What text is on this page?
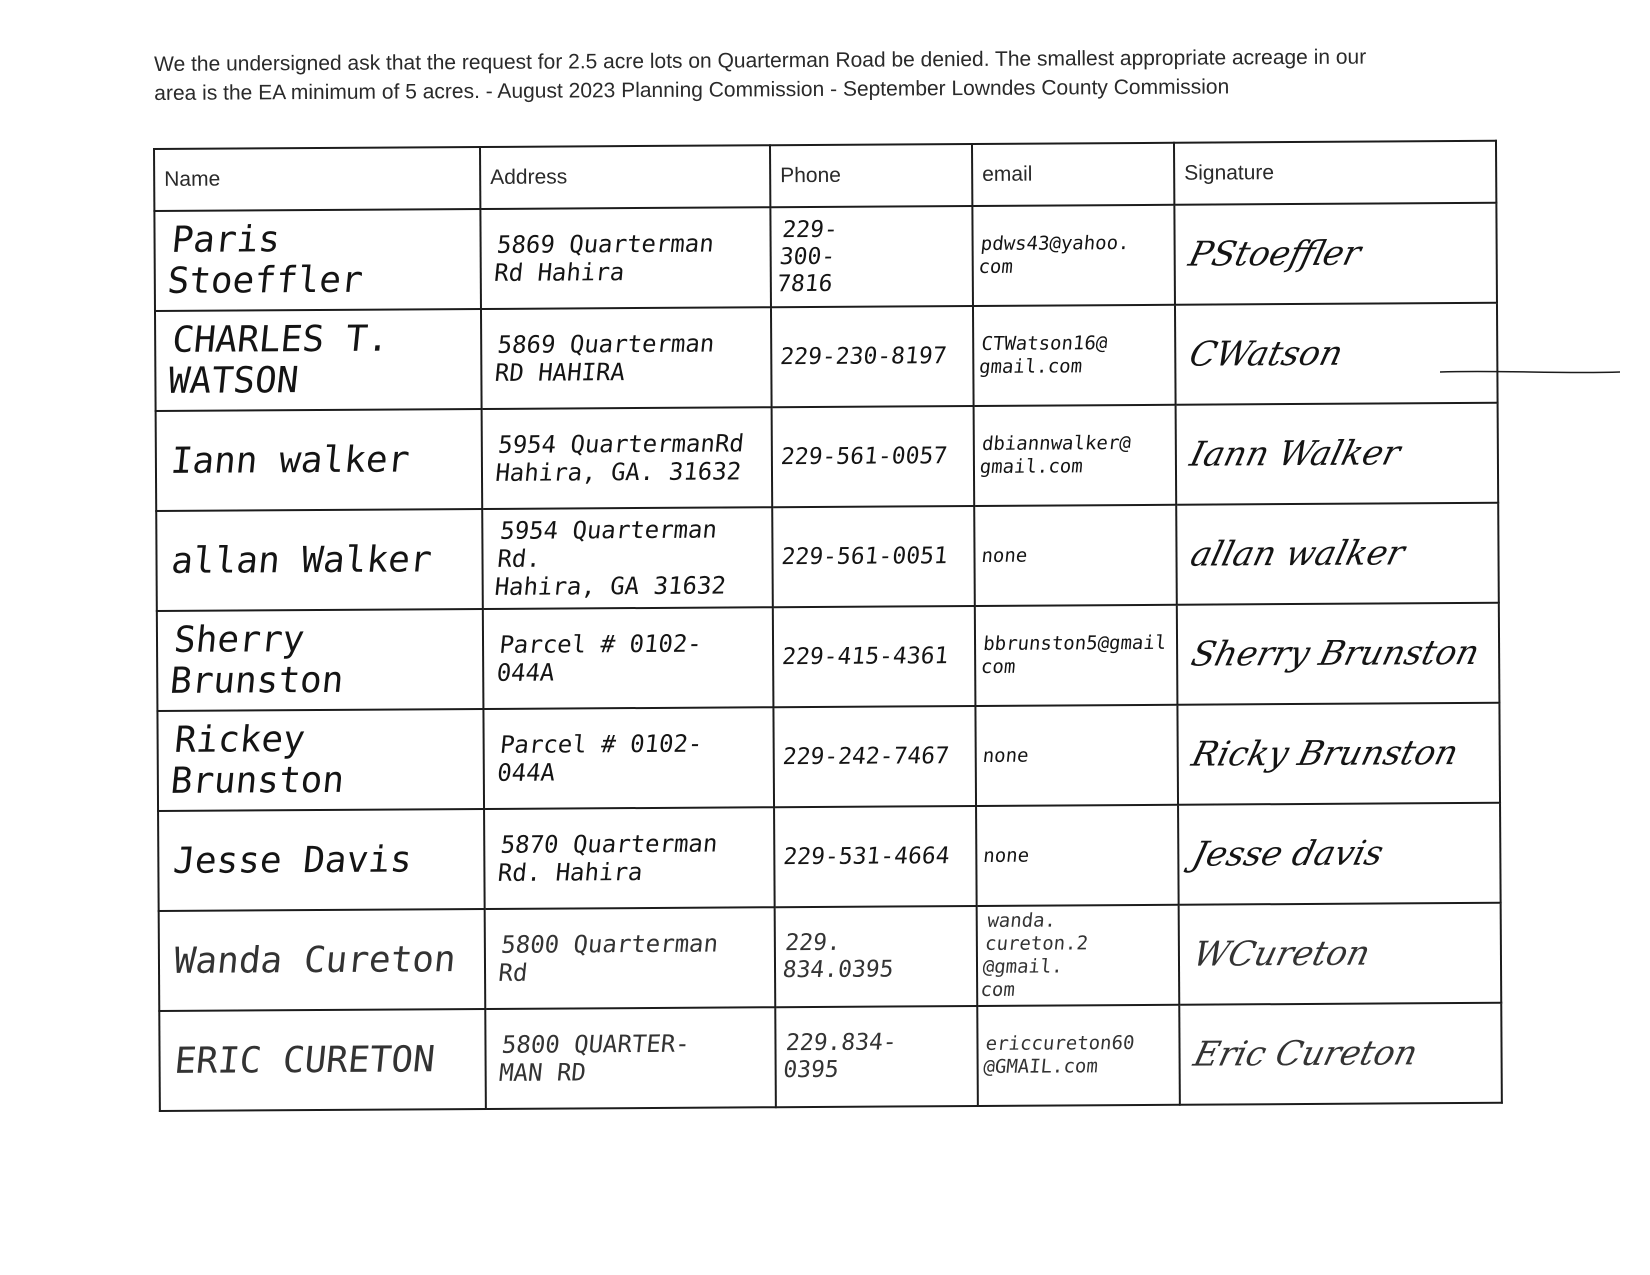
We the undersigned ask that the request for 2.5 acre lots on Quarterman Road be denied. The smallest appropriate acreage in our

area is the EA minimum of 5 acres. - August 2023 Planning Commission - September Lowndes County Commission

Name	Address	Phone	email	Signature

Paris Stoeffler	5869 Quarterman
Rd Hahira	229-
300-
7816	pdws43@yahoo.
com	PStoeffler

CHARLES T. WATSON	5869 Quarterman
RD HAHIRA	229-230-8197	CTWatson16@
gmail.com	CWatson

Iann walker	5954 QuartermanRd
Hahira, GA. 31632	229-561-0057	dbiannwalker@
gmail.com	Iann Walker

allan Walker	5954 Quarterman Rd.
Hahira, GA 31632	229-561-0051	none	allan walker

Sherry Brunston	Parcel # 0102-
044A	229-415-4361	bbrunston5@gmail
com	Sherry Brunston

Rickey Brunston	Parcel # 0102-
044A	229-242-7467	none	Ricky Brunston

Jesse Davis	5870 Quarterman
Rd. Hahira	229-531-4664	none	Jesse davis

Wanda Cureton	5800 Quarterman
Rd	229.
834.0395	wanda.
cureton.2
@gmail.
com	WCureton

ERIC CURETON	5800 QUARTER-
MAN RD	229.834-
0395	ericcureton60
@GMAIL.com	Eric Cureton
